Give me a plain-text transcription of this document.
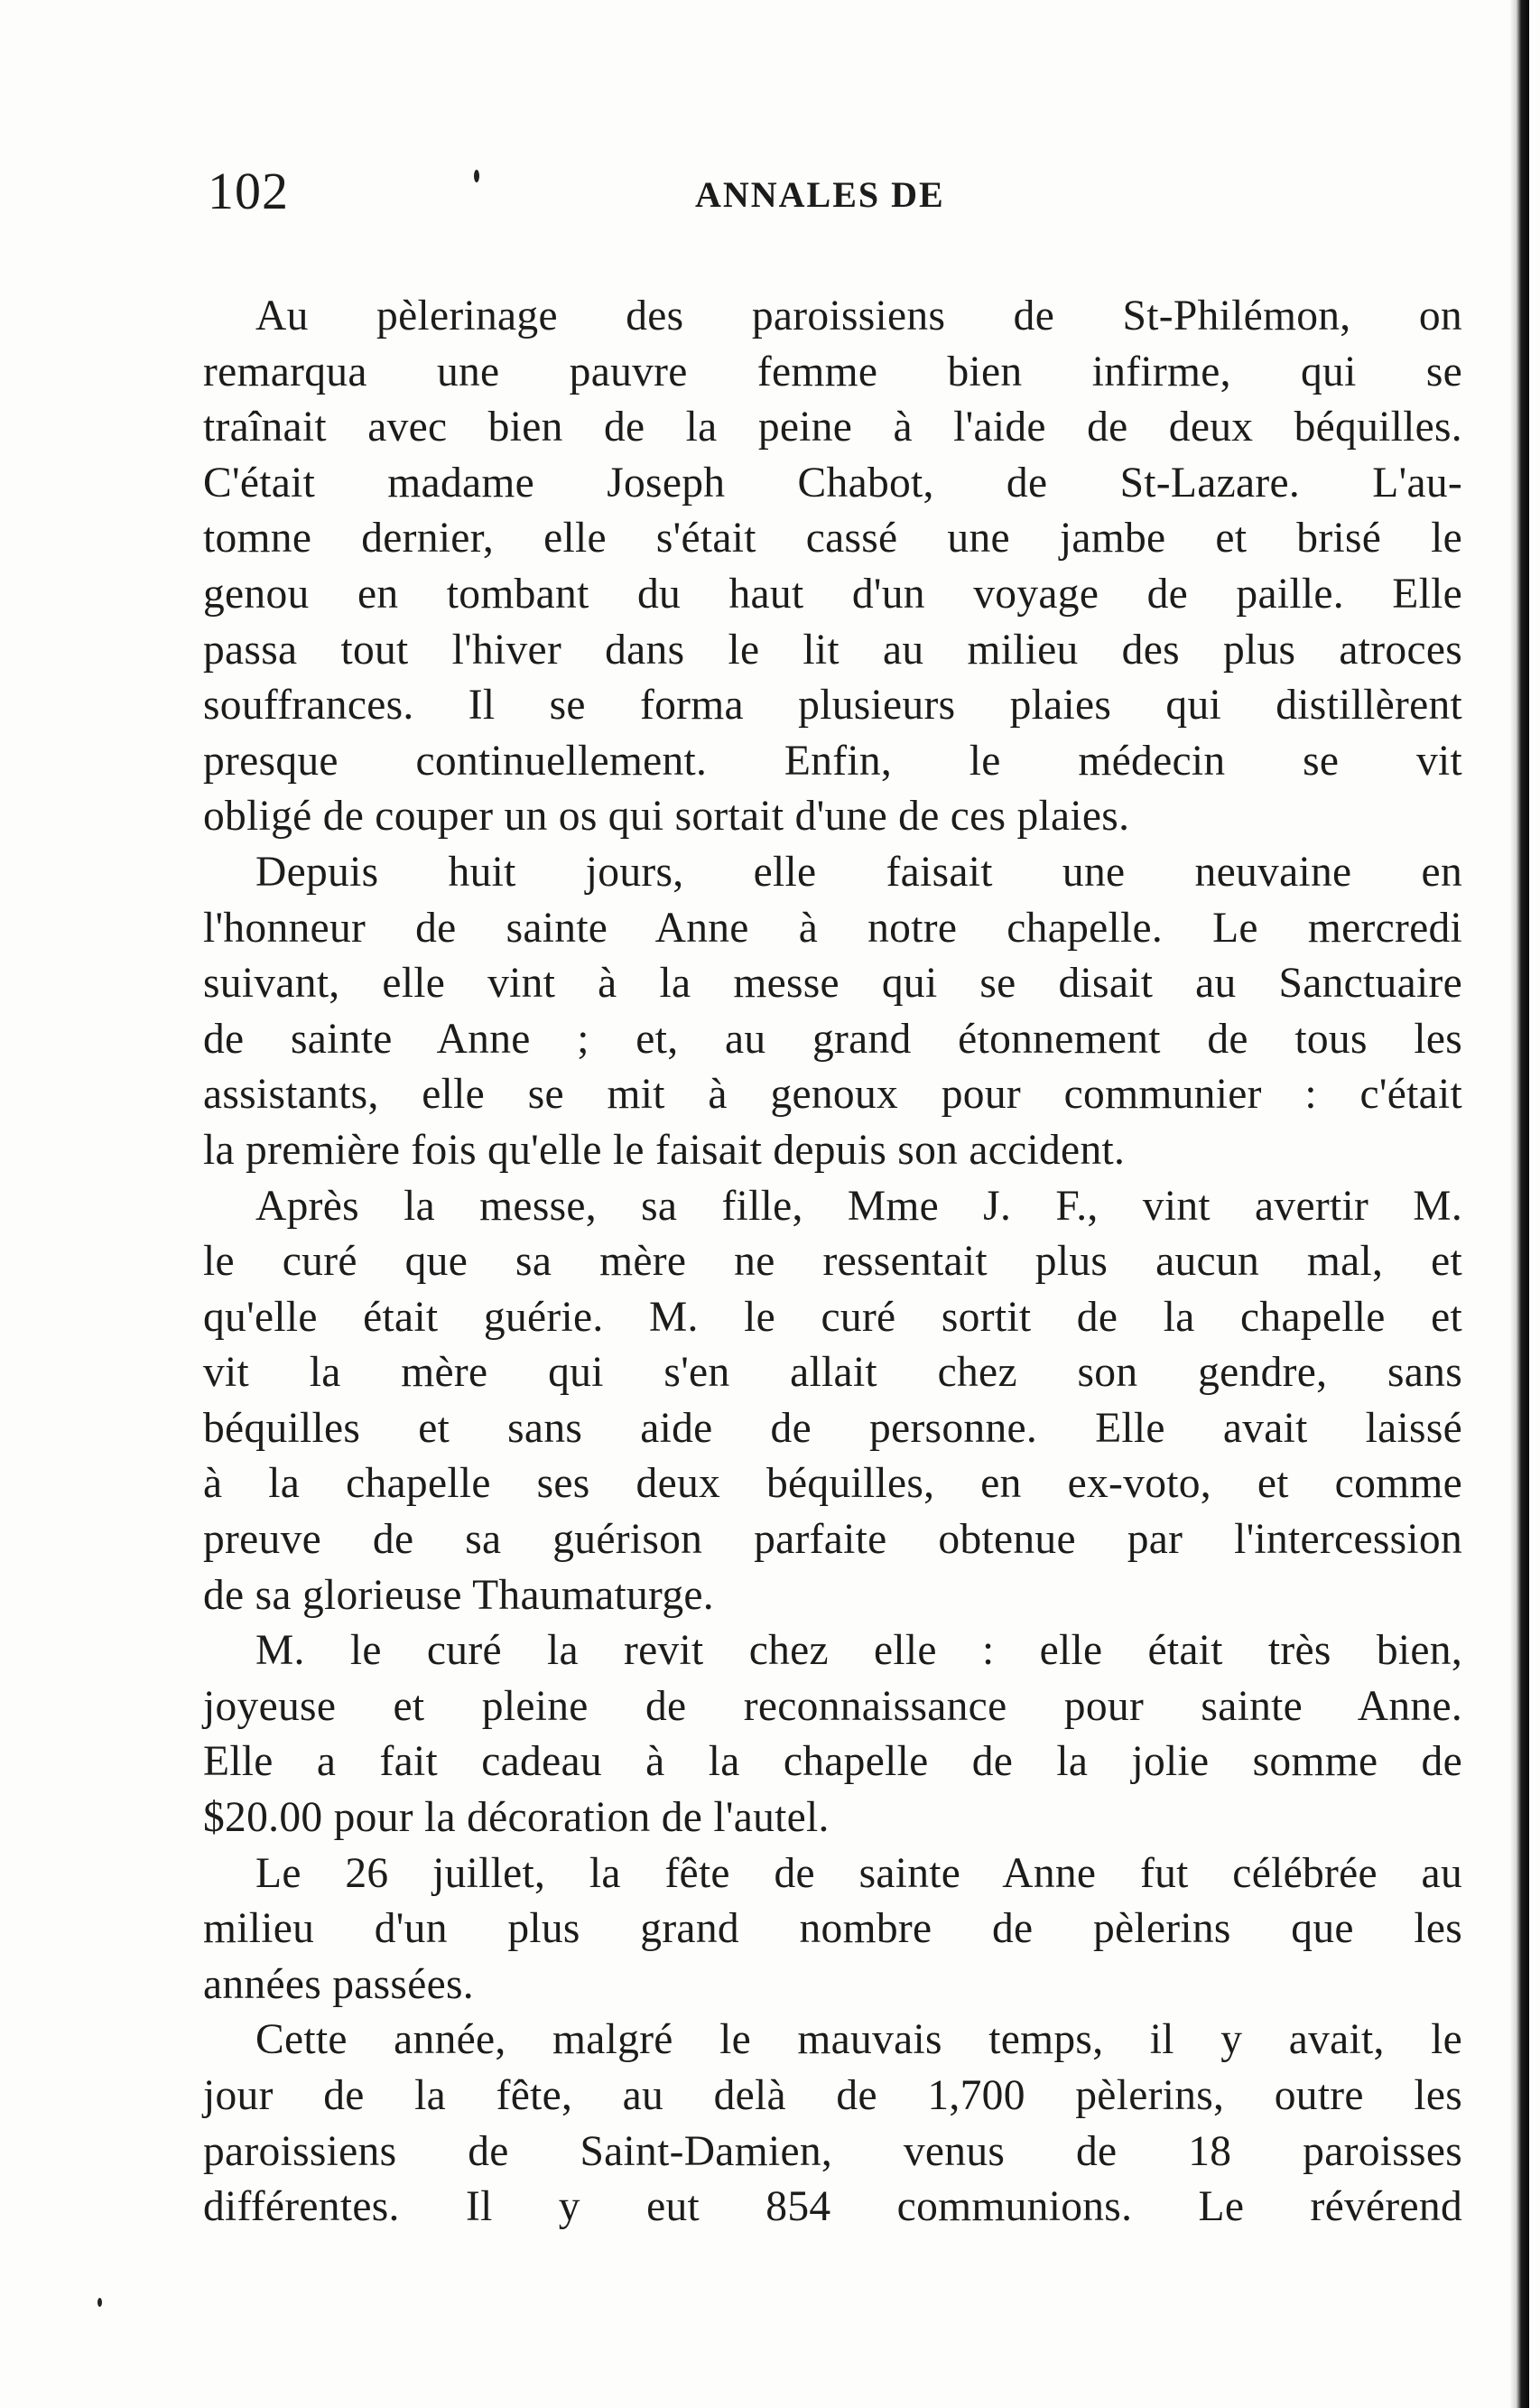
102	ANNALES DE
Au pèlerinage des paroissiens de St-Philémon, on
remarqua une pauvre femme bien infirme, qui se
traînait avec bien de la peine à l'aide de deux béquilles.
C'était madame Joseph Chabot, de St-Lazare. L'au-
tomne dernier, elle s'était cassé une jambe et brisé le
genou en tombant du haut d'un voyage de paille. Elle
passa tout l'hiver dans le lit au milieu des plus atroces
souffrances. Il se forma plusieurs plaies qui distillèrent
presque continuellement. Enfin, le médecin se vit
obligé de couper un os qui sortait d'une de ces plaies.
Depuis huit jours, elle faisait une neuvaine en
l'honneur de sainte Anne à notre chapelle. Le mercredi
suivant, elle vint à la messe qui se disait au Sanctuaire
de sainte Anne ; et, au grand étonnement de tous les
assistants, elle se mit à genoux pour communier : c'était
la première fois qu'elle le faisait depuis son accident.
Après la messe, sa fille, Mme J. F., vint avertir M.
le curé que sa mère ne ressentait plus aucun mal, et
qu'elle était guérie. M. le curé sortit de la chapelle et
vit la mère qui s'en allait chez son gendre, sans
béquilles et sans aide de personne. Elle avait laissé
à la chapelle ses deux béquilles, en ex-voto, et comme
preuve de sa guérison parfaite obtenue par l'intercession
de sa glorieuse Thaumaturge.
M. le curé la revit chez elle : elle était très bien,
joyeuse et pleine de reconnaissance pour sainte Anne.
Elle a fait cadeau à la chapelle de la jolie somme de
$20.00 pour la décoration de l'autel.
Le 26 juillet, la fête de sainte Anne fut célébrée au
milieu d'un plus grand nombre de pèlerins que les
années passées.
Cette année, malgré le mauvais temps, il y avait, le
jour de la fête, au delà de 1,700 pèlerins, outre les
paroissiens de Saint-Damien, venus de 18 paroisses
différentes. Il y eut 854 communions. Le révérend
